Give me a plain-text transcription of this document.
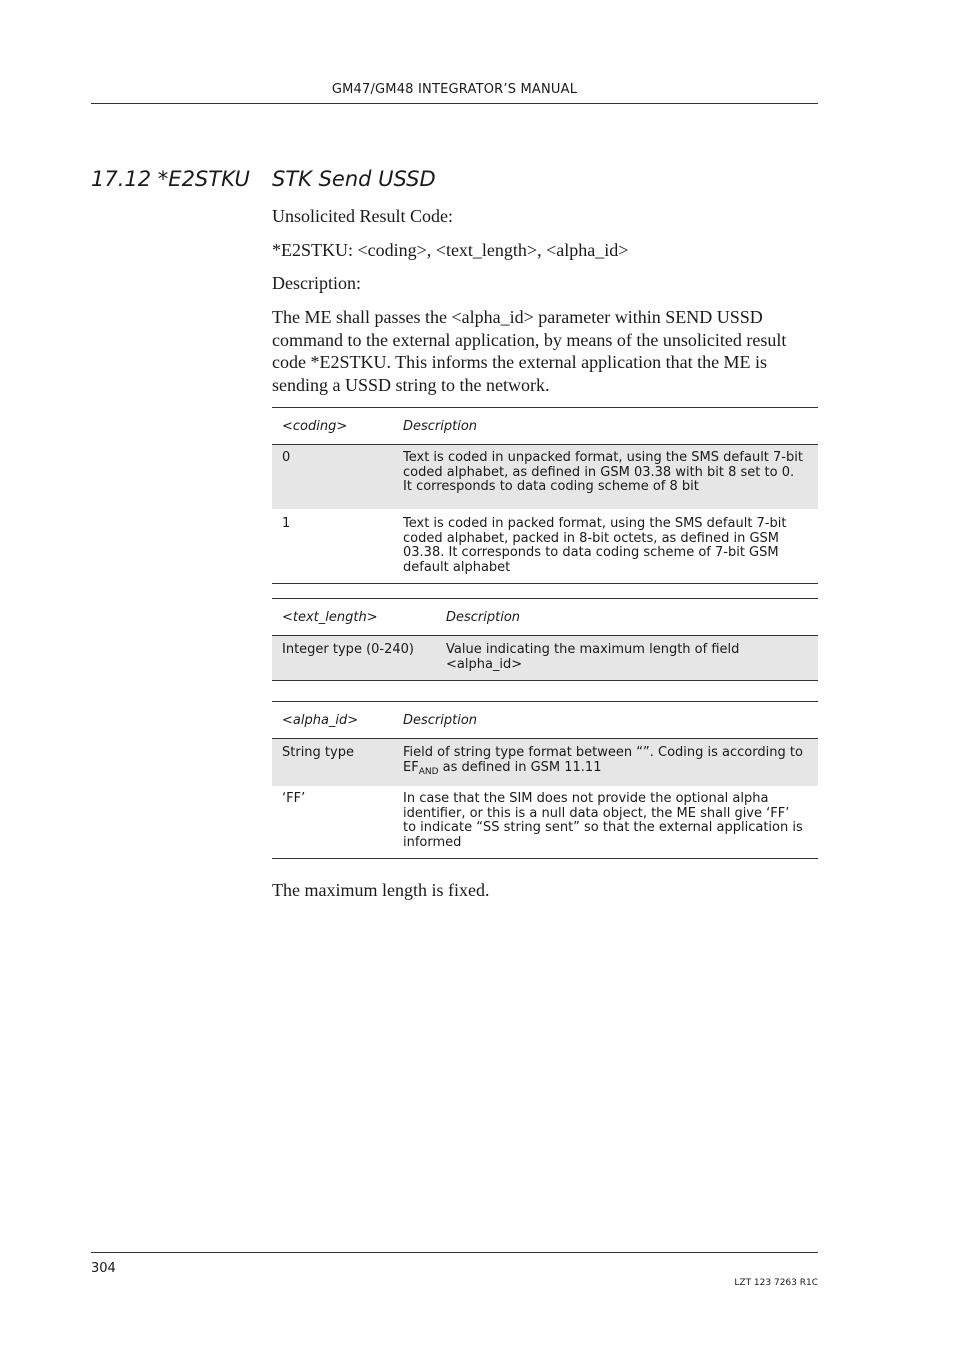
GM47/GM48 INTEGRATOR’S MANUAL
17.12 *E2STKU STK Send USSD
Unsolicited Result Code:
*E2STKU: <coding>, <text_length>, <alpha_id>
Description:
The ME shall passes the <alpha_id> parameter within SEND USSD command to the external application, by means of the unsolicited result code *E2STKU. This informs the external application that the ME is sending a USSD string to the network.
<coding>	Description
0	Text is coded in unpacked format, using the SMS default 7-bit coded alphabet, as defined in GSM 03.38 with bit 8 set to 0. It corresponds to data coding scheme of 8 bit
1	Text is coded in packed format, using the SMS default 7-bit coded alphabet, packed in 8-bit octets, as defined in GSM 03.38. It corresponds to data coding scheme of 7-bit GSM default alphabet
<text_length>	Description
Integer type (0-240)	Value indicating the maximum length of field <alpha_id>
<alpha_id>	Description
String type	Field of string type format between “”. Coding is according to $EF_{AND}$ as defined in GSM 11.11
‘FF’	In case that the SIM does not provide the optional alpha identifier, or this is a null data object, the ME shall give ‘FF’ to indicate “SS string sent” so that the external application is informed
The maximum length is fixed.
304
LZT 123 7263 R1C
